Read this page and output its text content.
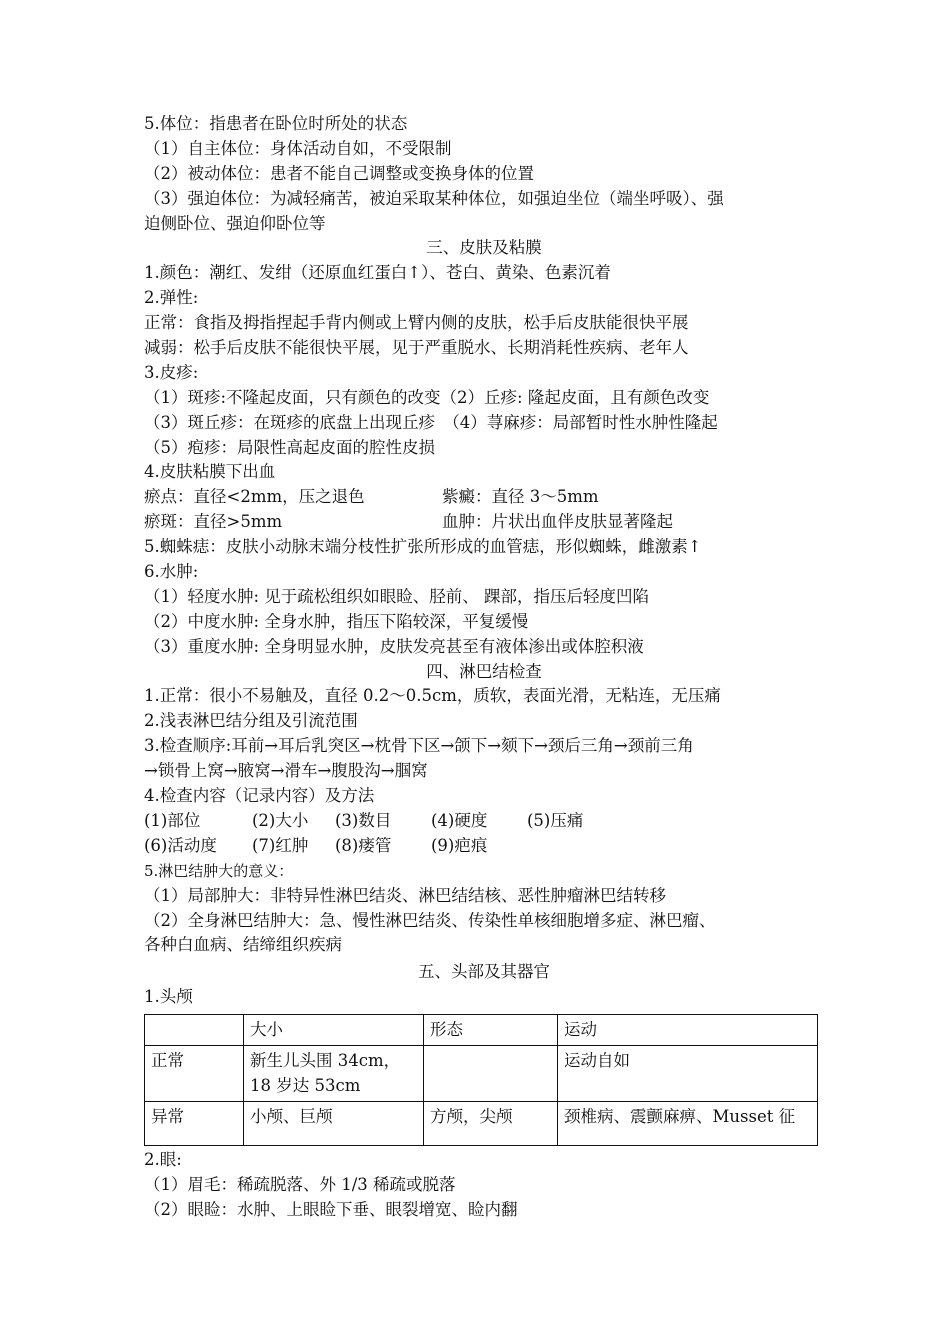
5.体位：指患者在卧位时所处的状态
（1）自主体位：身体活动自如，不受限制
（2）被动体位：患者不能自己调整或变换身体的位置
（3）强迫体位：为减轻痛苦，被迫采取某种体位，如强迫坐位（端坐呼吸）、强
迫侧卧位、强迫仰卧位等
三、皮肤及粘膜
1.颜色：潮红、发绀（还原血红蛋白↑）、苍白、黄染、色素沉着
2.弹性:
正常：食指及拇指捏起手背内侧或上臂内侧的皮肤，松手后皮肤能很快平展
减弱：松手后皮肤不能很快平展，见于严重脱水、长期消耗性疾病、老年人
3.皮疹:
（1）斑疹:不隆起皮面，只有颜色的改变（2）丘疹: 隆起皮面，且有颜色改变
（3）斑丘疹：在斑疹的底盘上出现丘疹　（4）荨麻疹：局部暂时性水肿性隆起
（5）疱疹：局限性高起皮面的腔性皮损
4.皮肤粘膜下出血
瘀点：直径<2mm，压之退色	紫癜：直径 3～5mm
瘀斑：直径>5mm	血肿：片状出血伴皮肤显著隆起
5.蜘蛛痣：皮肤小动脉末端分枝性扩张所形成的血管痣，形似蜘蛛，雌激素↑
6.水肿:
（1）轻度水肿: 见于疏松组织如眼睑、胫前、 踝部，指压后轻度凹陷
（2）中度水肿: 全身水肿，指压下陷较深，平复缓慢
（3）重度水肿: 全身明显水肿，皮肤发亮甚至有液体渗出或体腔积液
四、淋巴结检查
1.正常：很小不易触及，直径 0.2～0.5cm，质软，表面光滑，无粘连，无压痛
2.浅表淋巴结分组及引流范围
3.检查顺序:耳前→耳后乳突区→枕骨下区→颌下→颏下→颈后三角→颈前三角
→锁骨上窝→腋窝→滑车→腹股沟→腘窝
4.检查内容（记录内容）及方法
(1)部位	(2)大小 (3)数目 (4)硬度 (5)压痛
(6)活动度 (7)红肿 (8)瘘管 (9)疤痕
5.淋巴结肿大的意义：
（1）局部肿大：非特异性淋巴结炎、淋巴结结核、恶性肿瘤淋巴结转移
（2）全身淋巴结肿大：急、慢性淋巴结炎、传染性单核细胞增多症、淋巴瘤、
各种白血病、结缔组织疾病
五、头部及其器官
1.头颅
	大小	形态	运动
正常	新生儿头围 34cm，18 岁达 53cm		运动自如
异常	小颅、巨颅	方颅，尖颅	颈椎病、震颤麻痹、Musset 征
2.眼:
（1）眉毛：稀疏脱落、外 1/3 稀疏或脱落
（2）眼睑：水肿、上眼睑下垂、眼裂增宽、睑内翻
